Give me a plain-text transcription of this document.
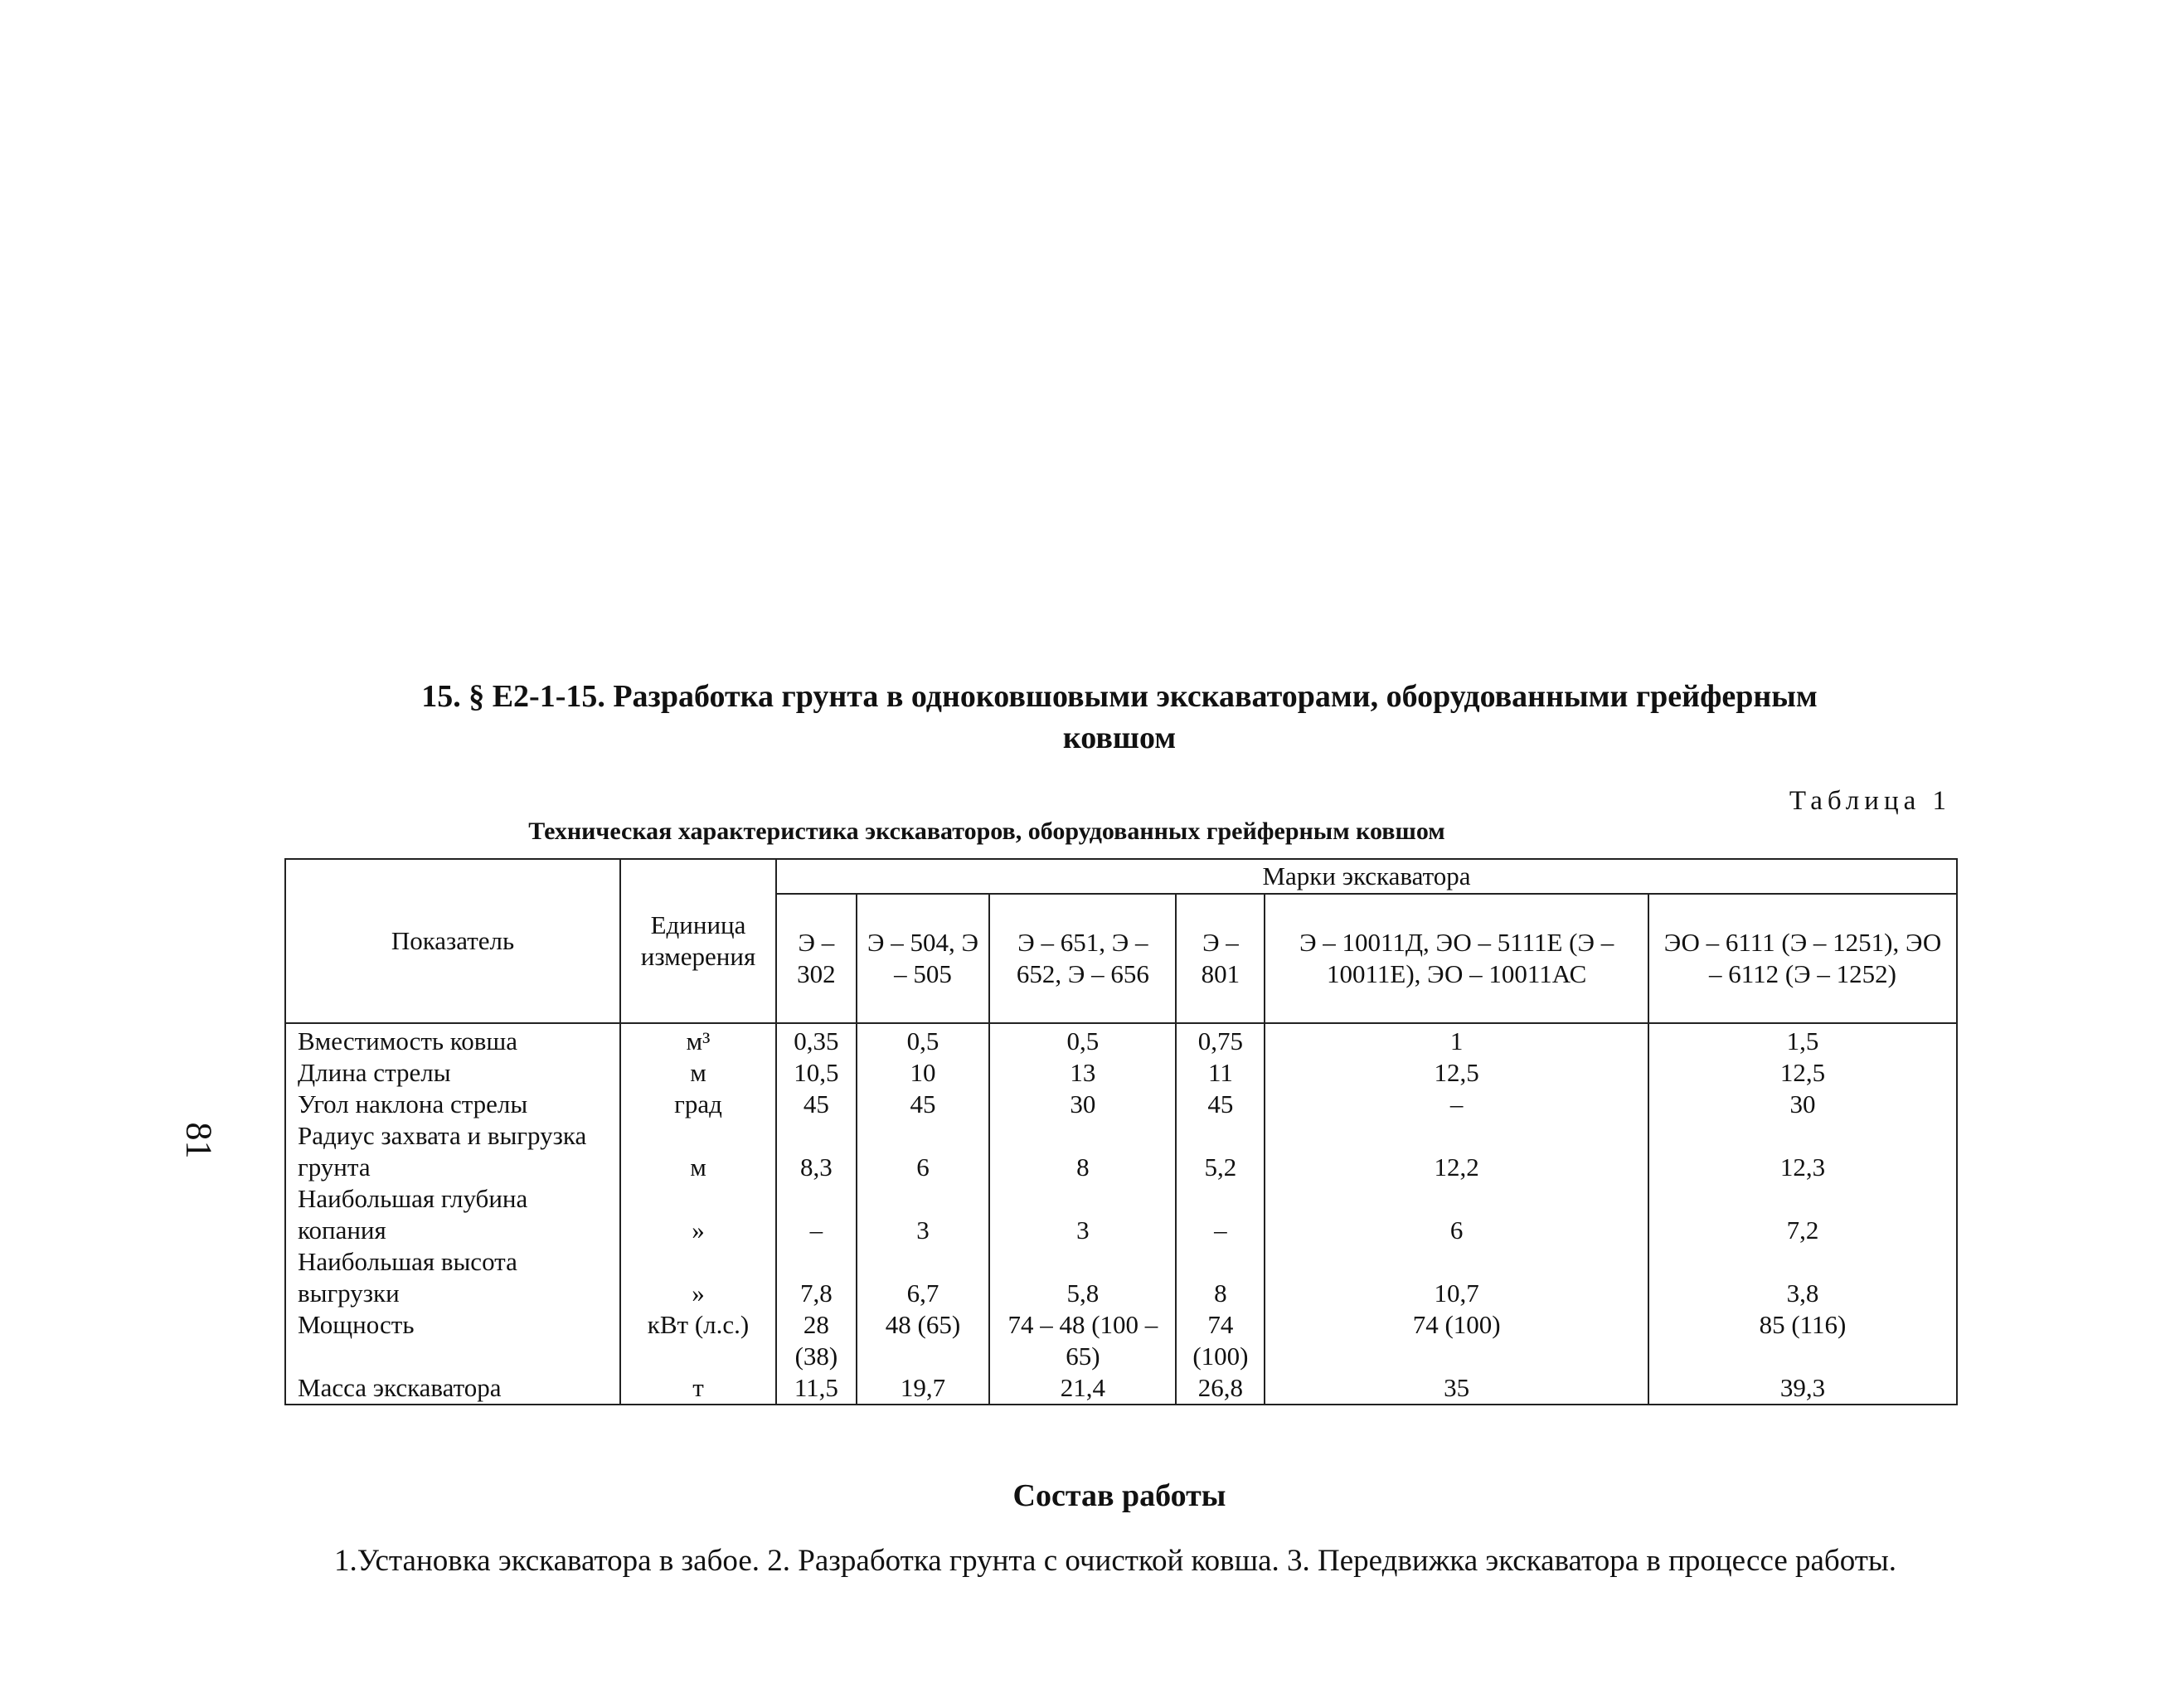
81
15. § Е2-1-15. Разработка грунта в одноковшовыми экскаваторами, оборудованными грейферным ковшом
Таблица 1
Техническая характеристика экскаваторов, оборудованных грейферным ковшом
Показатель	Единица измерения	Марки экскаватора					
		Э – 302	Э – 504, Э – 505	Э – 651, Э – 652, Э – 656	Э – 801	Э – 10011Д, ЭО – 5111Е (Э – 10011Е), ЭО – 10011АС	ЭО – 6111 (Э – 1251), ЭО – 6112 (Э – 1252)
Вместимость ковша	м³	0,35	0,5	0,5	0,75	1	1,5
Длина стрелы	м	10,5	10	13	11	12,5	12,5
Угол наклона стрелы	град	45	45	30	45	–	30
Радиус захвата и выгрузка грунта	м	8,3	6	8	5,2	12,2	12,3
Наибольшая глубина копания	»	–	3	3	–	6	7,2
Наибольшая высота выгрузки	»	7,8	6,7	5,8	8	10,7	3,8
Мощность	кВт (л.с.)	28 (38)	48 (65)	74 – 48 (100 – 65)	74 (100)	74 (100)	85 (116)
Масса экскаватора	т	11,5	19,7	21,4	26,8	35	39,3
Состав работы
1.Установка экскаватора в забое. 2. Разработка грунта с очисткой ковша. 3. Передвижка экскаватора в процессе работы.
